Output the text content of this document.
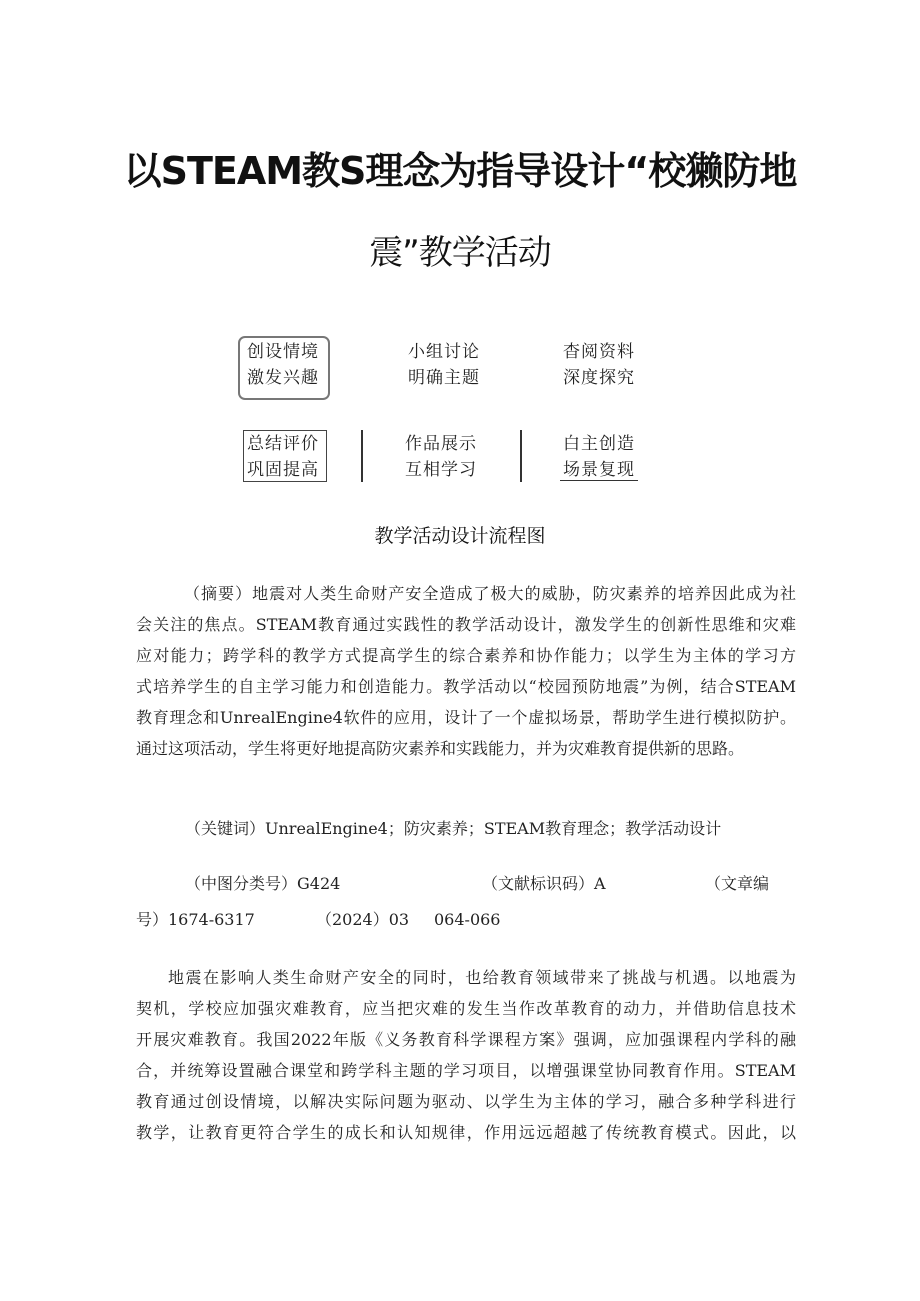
以STEAM教S理念为指导设计“校獭防地
震”教学活动
创设情境
激发兴趣
小组讨论
明确主题
杳阅资料
深度探究
总结评价
巩固提高
作品展示
互相学习
白主创造
场景复现
教学活动设计流程图
（摘要）地震对人类生命财产安全造成了极大的威胁，防灾素养的培养因此成为社
会关注的焦点。STEAM教育通过实践性的教学活动设计，激发学生的创新性思维和灾难
应对能力；跨学科的教学方式提高学生的综合素养和协作能力；以学生为主体的学习方
式培养学生的自主学习能力和创造能力。教学活动以“校园预防地震”为例，结合STEAM
教育理念和UnrealEngine4软件的应用，设计了一个虚拟场景，帮助学生进行模拟防护。
通过这项活动，学生将更好地提高防灾素养和实践能力，并为灾难教育提供新的思路。
（关键词）UnrealEngine4；防灾素养；STEAM教育理念；教学活动设计
（中图分类号）G424	（文献标识码）A	（文章编
号）1674-6317	（2024）03 064-066
地震在影响人类生命财产安全的同时，也给教育领域带来了挑战与机遇。以地震为
契机，学校应加强灾难教育，应当把灾难的发生当作改革教育的动力，并借助信息技术
开展灾难教育。我国2022年版《义务教育科学课程方案》强调，应加强课程内学科的融
合，并统筹设置融合课堂和跨学科主题的学习项目，以增强课堂协同教育作用。STEAM
教育通过创设情境，以解决实际问题为驱动、以学生为主体的学习，融合多种学科进行
教学，让教育更符合学生的成长和认知规律，作用远远超越了传统教育模式。因此，以
